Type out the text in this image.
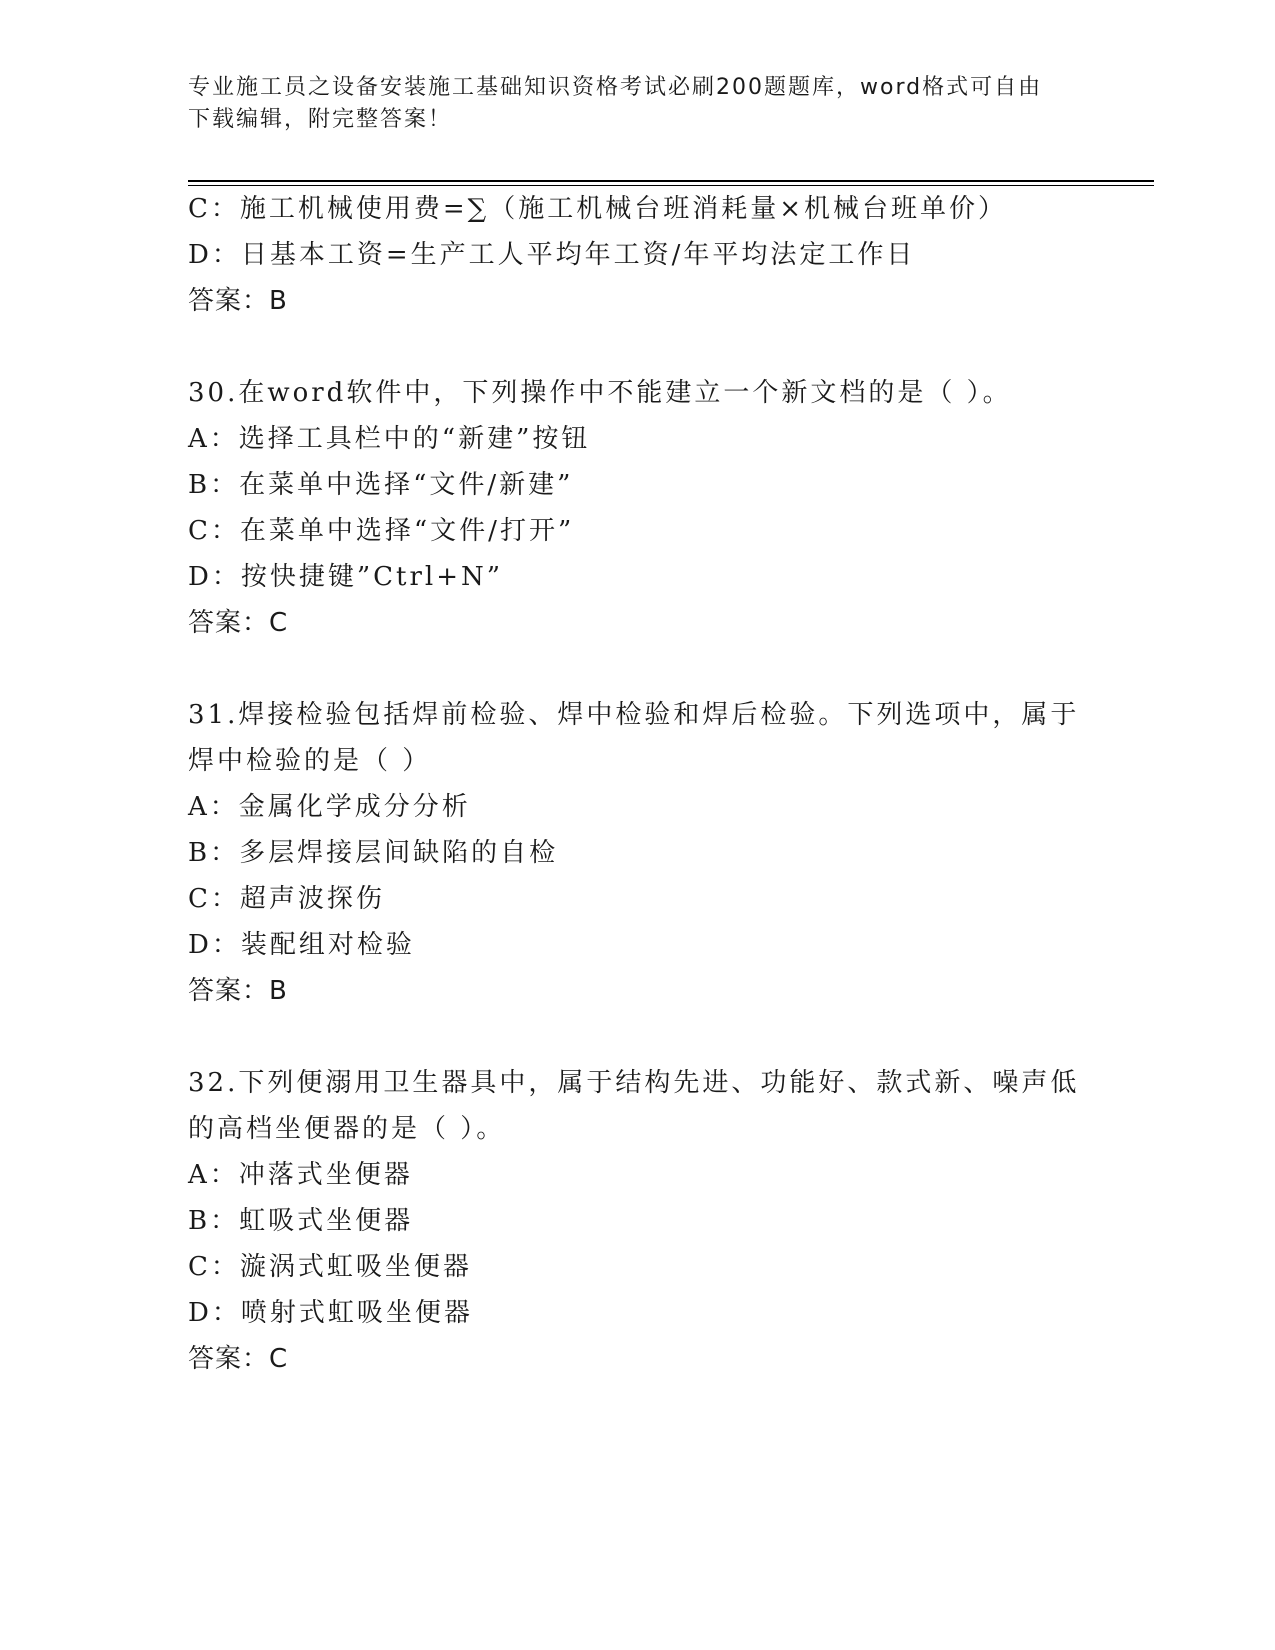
专业施工员之设备安装施工基础知识资格考试必刷200题题库，word格式可自由
下载编辑，附完整答案！
C：施工机械使用费=∑（施工机械台班消耗量×机械台班单价）
D：日基本工资=生产工人平均年工资/年平均法定工作日
答案：B
30.在word软件中，下列操作中不能建立一个新文档的是（ ）。
A：选择工具栏中的“新建”按钮
B：在菜单中选择“文件/新建”
C：在菜单中选择“文件/打开”
D：按快捷键”Ctrl+N”
答案：C
31.焊接检验包括焊前检验、焊中检验和焊后检验。下列选项中，属于
焊中检验的是（ ）
A：金属化学成分分析
B：多层焊接层间缺陷的自检
C：超声波探伤
D：装配组对检验
答案：B
32.下列便溺用卫生器具中，属于结构先进、功能好、款式新、噪声低
的高档坐便器的是（ ）。
A：冲落式坐便器
B：虹吸式坐便器
C：漩涡式虹吸坐便器
D：喷射式虹吸坐便器
答案：C
